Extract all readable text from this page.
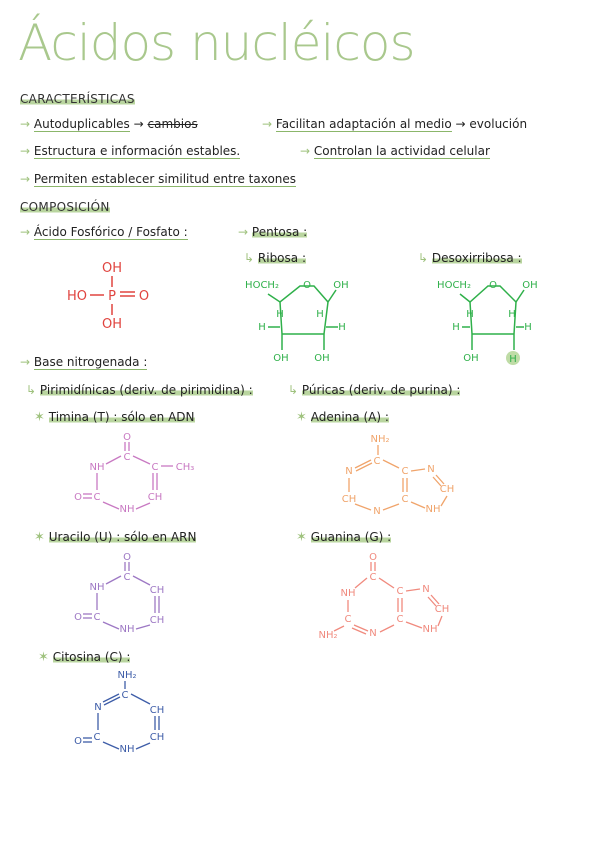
Ácidos nucléicos
CARACTERÍSTICAS
→ Autoduplicables → cambios	→ Facilitan adaptación al medio → evolución
→ Estructura e información estables.	→ Controlan la actividad celular
→ Permiten establecer similitud entre taxones
COMPOSICIÓN
→ Ácido Fosfórico / Fosfato :	→ Pentosa :
↳ Ribosa :	↳ Desoxirribosa :
OH
HO P O
OH
HOCH₂ O OH
H
H	H
H
OH	OH
HOCH₂ O	OH
H
H	H
H
OH	H
→ Base nitrogenada :
↳ Pirimidínicas (deriv. de pirimidina) :	↳ Púricas (deriv. de purina) :
✶ Timina (T) : sólo en ADN	✶ Adenina (A) :
O
NH
C
C CH₃
C	CH
NH
O
NH₂
C
N	C N
CH	C
CH
N	NH
✶ Uracilo (U) : sólo en ARN	✶ Guanina (G) :
O
NH
C
CH
C	CH
NH
O
O
C
NH	C N
C	C
CH
N	NH
NH₂
✶ Citosina (C) :
NH₂
C
N	CH
C	CH
NH
O
